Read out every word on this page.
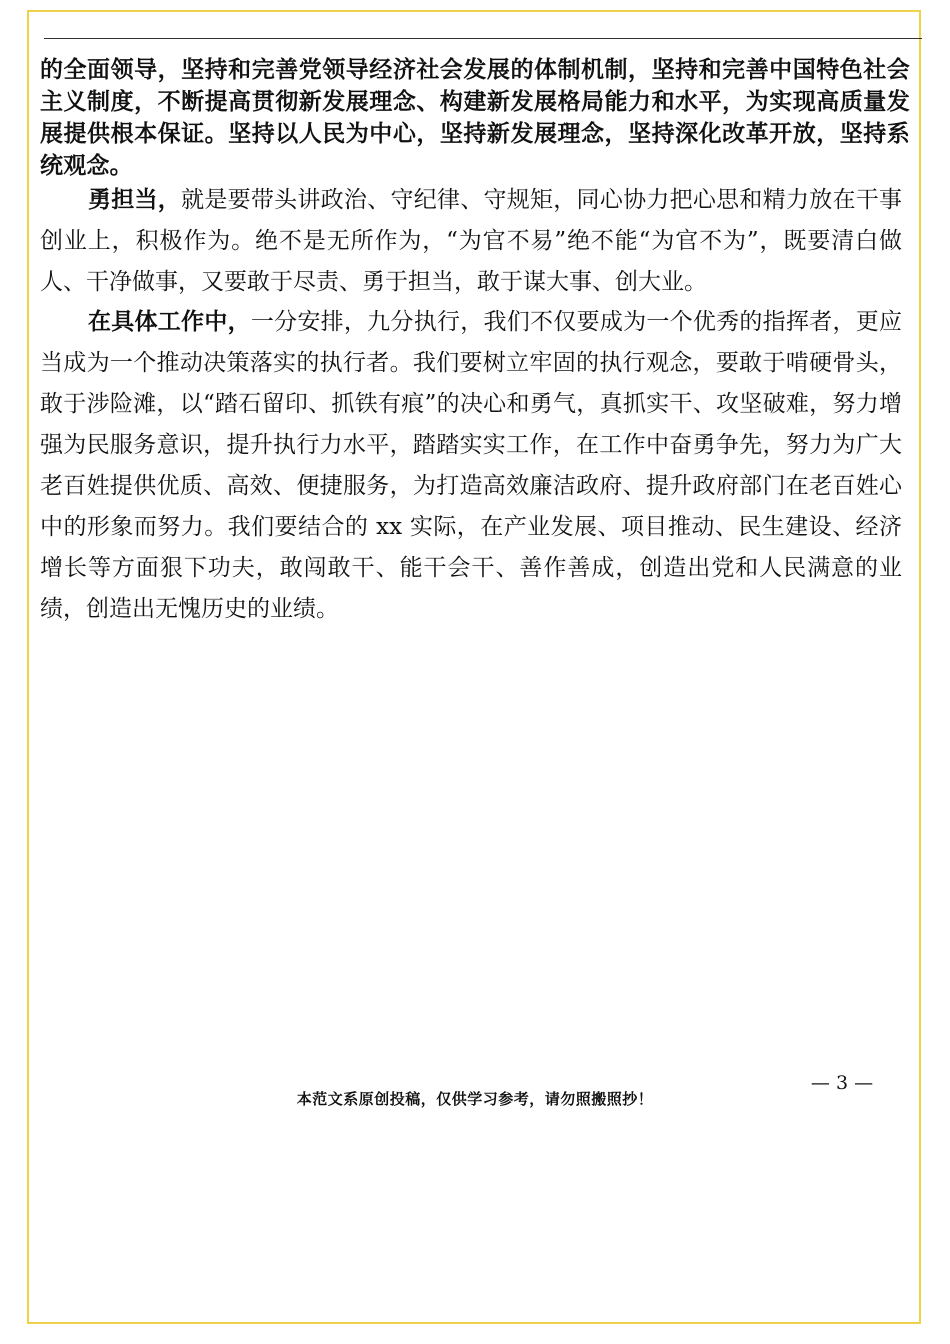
的全面领导，坚持和完善党领导经济社会发展的体制机制，坚持和完善中国特色社会主义制度，不断提高贯彻新发展理念、构建新发展格局能力和水平，为实现高质量发展提供根本保证。坚持以人民为中心，坚持新发展理念，坚持深化改革开放，坚持系统观念。

勇担当，就是要带头讲政治、守纪律、守规矩，同心协力把心思和精力放在干事创业上，积极作为。绝不是无所作为，“为官不易”绝不能“为官不为”，既要清白做人、干净做事，又要敢于尽责、勇于担当，敢于谋大事、创大业。

在具体工作中，一分安排，九分执行，我们不仅要成为一个优秀的指挥者，更应当成为一个推动决策落实的执行者。我们要树立牢固的执行观念，要敢于啃硬骨头，敢于涉险滩，以“踏石留印、抓铁有痕”的决心和勇气，真抓实干、攻坚破难，努力增强为民服务意识，提升执行力水平，踏踏实实工作，在工作中奋勇争先，努力为广大老百姓提供优质、高效、便捷服务，为打造高效廉洁政府、提升政府部门在老百姓心中的形象而努力。我们要结合的 xx 实际，在产业发展、项目推动、民生建设、经济增长等方面狠下功夫，敢闯敢干、能干会干、善作善成，创造出党和人民满意的业绩，创造出无愧历史的业绩。

— 3 —
本范文系原创投稿，仅供学习参考，请勿照搬照抄！
